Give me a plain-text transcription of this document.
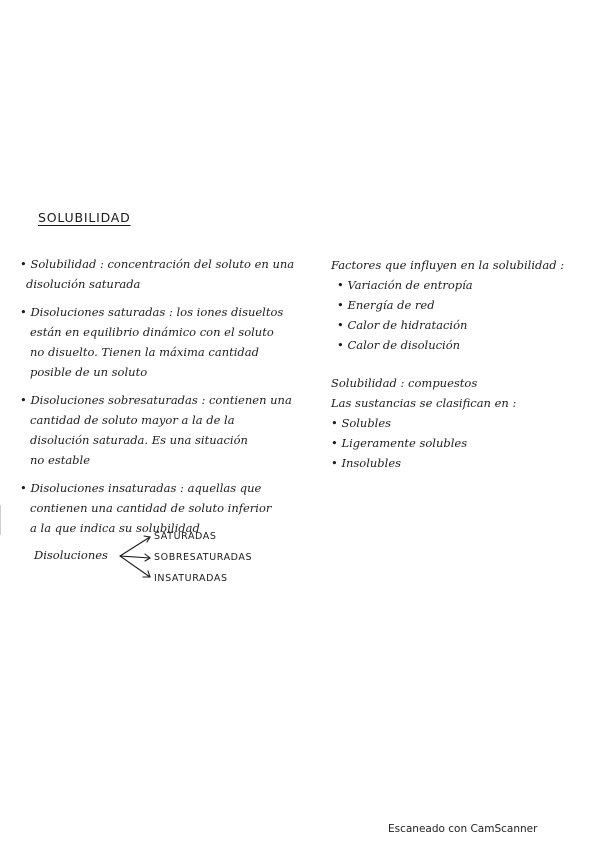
SOLUBILIDAD
• Solubilidad : concentración del soluto en una
disolución saturada
• Disoluciones saturadas : los iones disueltos
están en equilibrio dinámico con el soluto
no disuelto. Tienen la máxima cantidad
posible de un soluto
• Disoluciones sobresaturadas : contienen una
cantidad de soluto mayor a la de la
disolución saturada. Es una situación
no estable
• Disoluciones insaturadas : aquellas que
contienen una cantidad de soluto inferior
a la que indica su solubilidad
Disoluciones
SATURADAS
SOBRESATURADAS
INSATURADAS
Factores que influyen en la solubilidad :
• Variación de entropía
• Energía de red
• Calor de hidratación
• Calor de disolución
Solubilidad : compuestos
Las sustancias se clasifican en :
• Solubles
• Ligeramente solubles
• Insolubles
Escaneado con CamScanner
